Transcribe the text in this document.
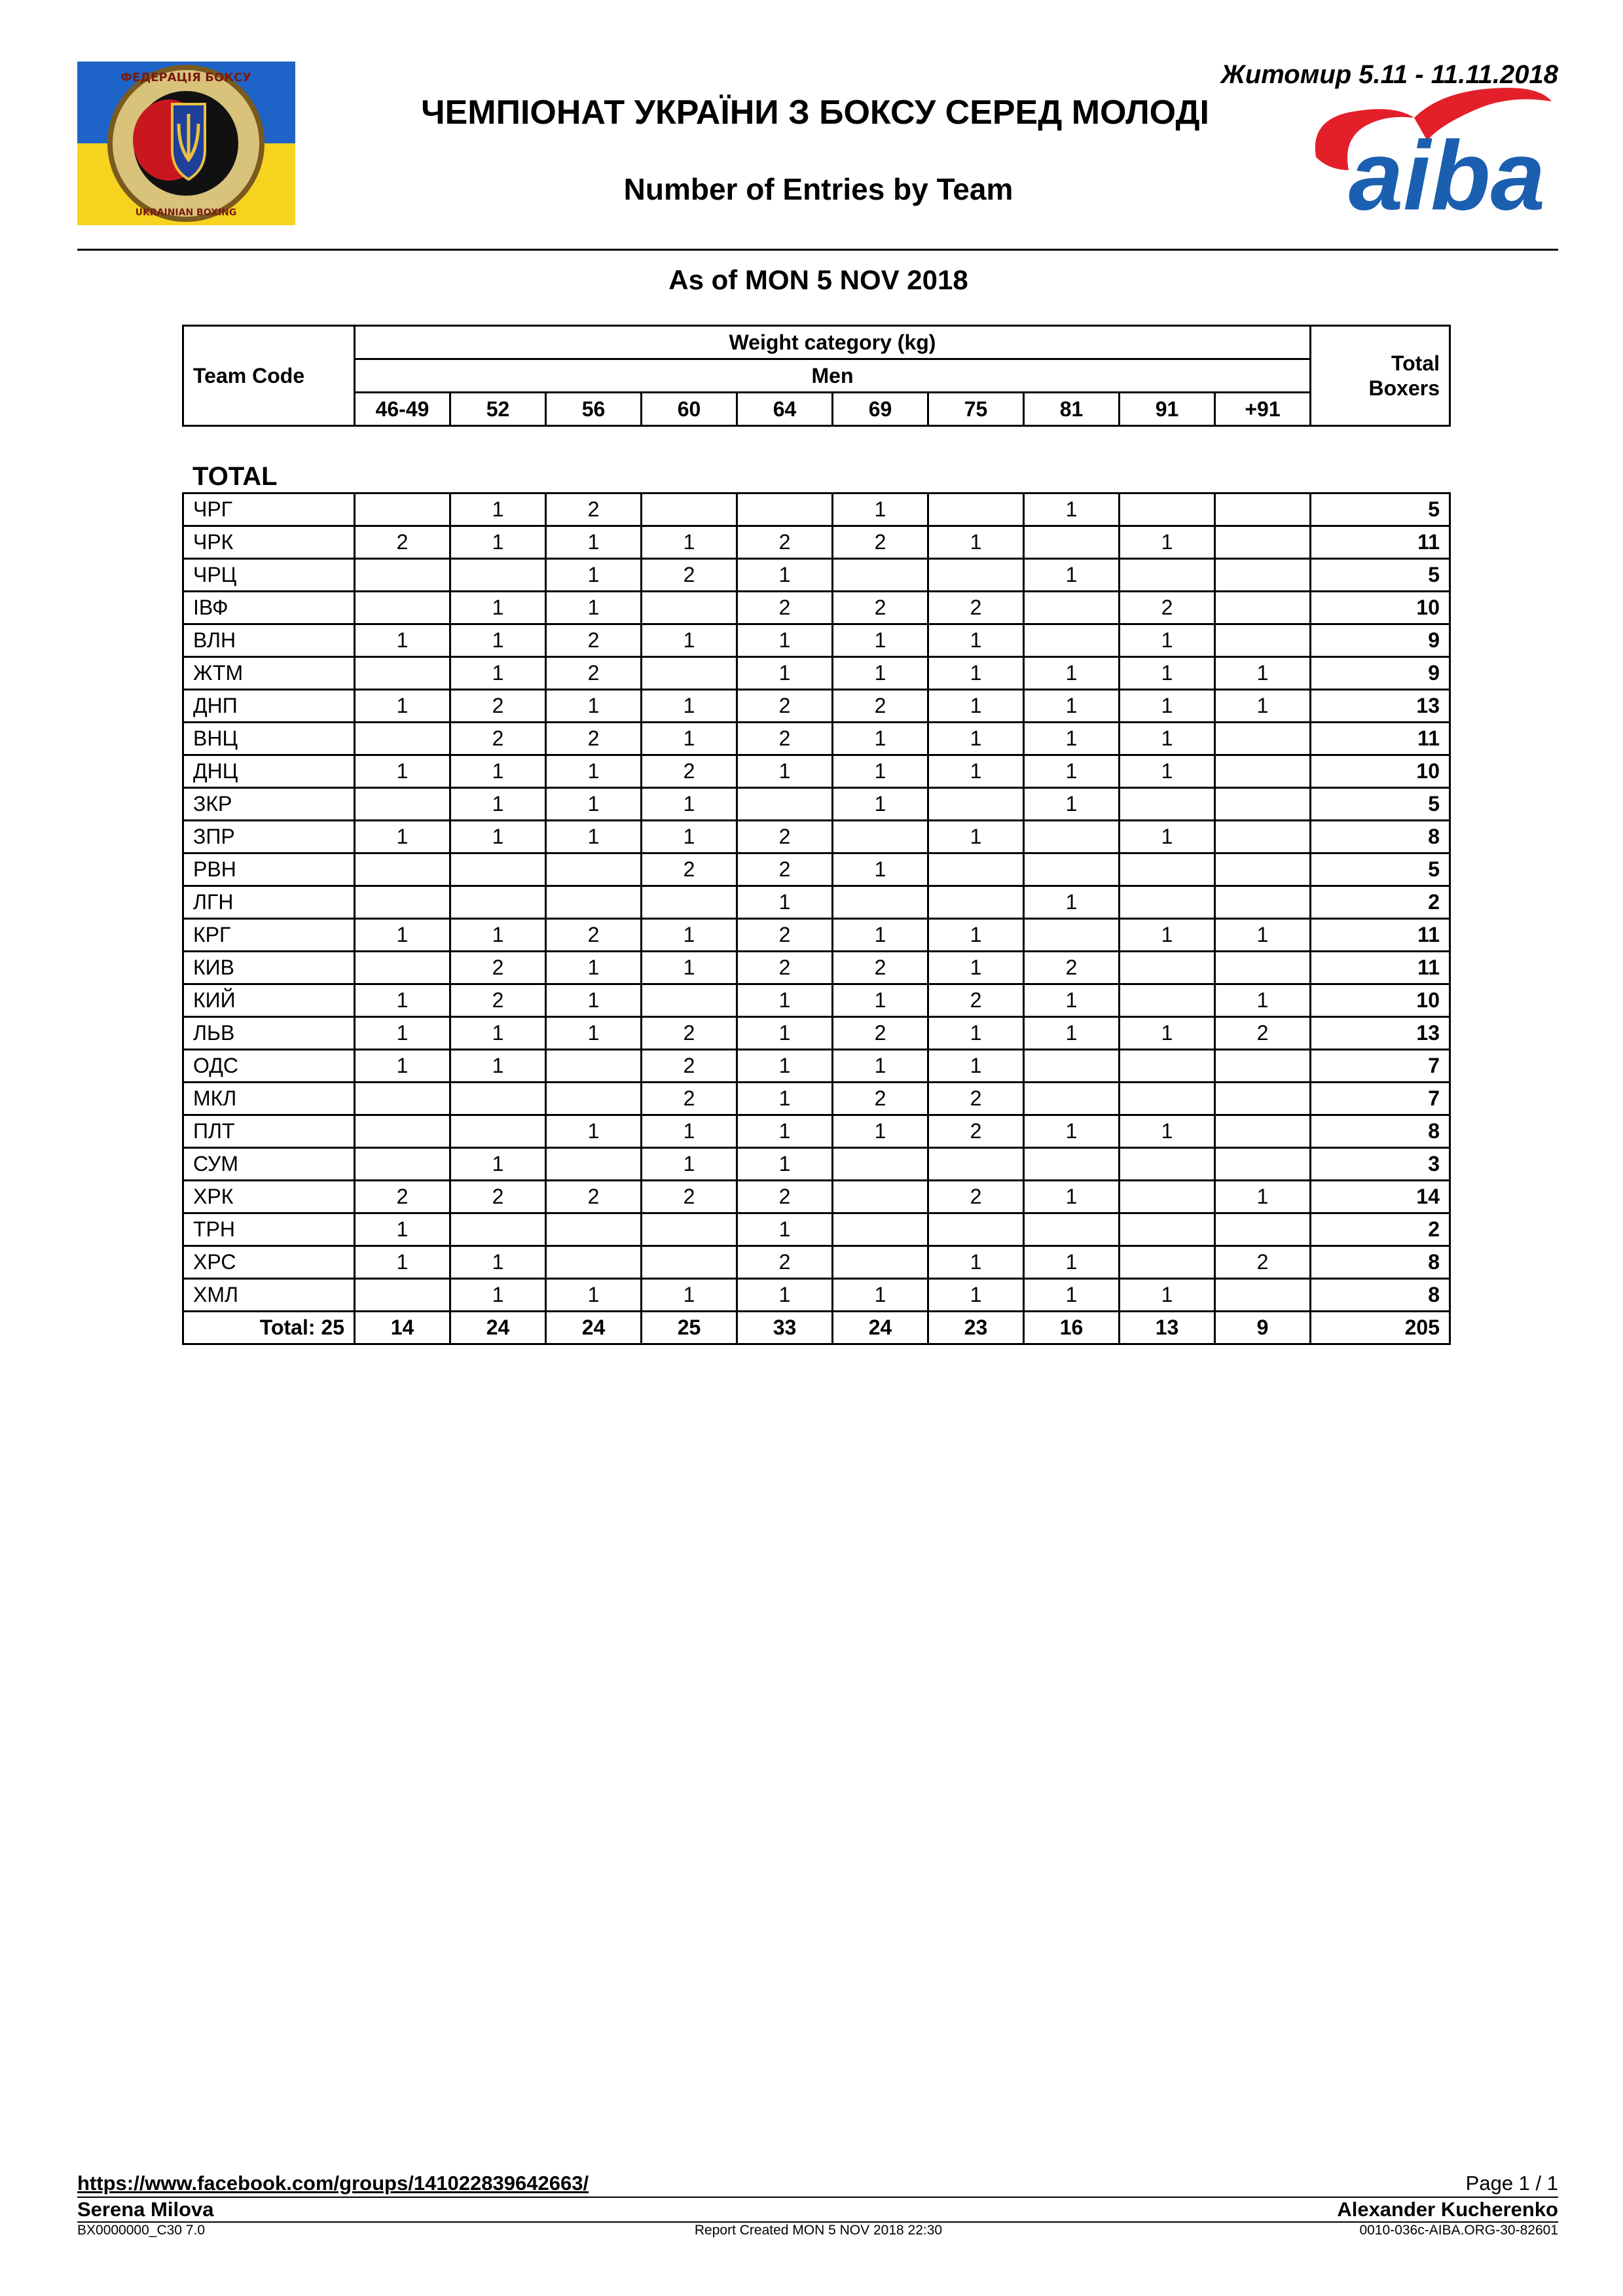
ФЕДЕРАЦІЯ БОКСУ
UKRAINIAN BOXING
Житомир 5.11 - 11.11.2018
ЧЕМПІОНАТ УКРАЇНИ З БОКСУ СЕРЕД МОЛОДІ
Number of Entries by Team	aiba
As of MON 5 NOV 2018
Team Code	Weight category (kg)										Total
Boxers
	Men										
	46-49	52	56	60	64	69	75	81	91	+91	
TOTAL
ЧРГ		1	2			1		1			5
ЧРК	2	1	1	1	2	2	1		1		11
ЧРЦ			1	2	1			1			5
ІВФ		1	1		2	2	2		2		10
ВЛН	1	1	2	1	1	1	1		1		9
ЖТМ		1	2		1	1	1	1	1	1	9
ДНП	1	2	1	1	2	2	1	1	1	1	13
ВНЦ		2	2	1	2	1	1	1	1		11
ДНЦ	1	1	1	2	1	1	1	1	1		10
ЗКР		1	1	1		1		1			5
ЗПР	1	1	1	1	2		1		1		8
РВН				2	2	1					5
ЛГН					1			1			2
КРГ	1	1	2	1	2	1	1		1	1	11
КИВ		2	1	1	2	2	1	2			11
КИЙ	1	2	1		1	1	2	1		1	10
ЛЬВ	1	1	1	2	1	2	1	1	1	2	13
ОДС	1	1		2	1	1	1				7
МКЛ				2	1	2	2				7
ПЛТ			1	1	1	1	2	1	1		8
СУМ		1		1	1						3
ХРК	2	2	2	2	2		2	1		1	14
ТРН	1				1						2
ХРС	1	1			2		1	1		2	8
ХМЛ		1	1	1	1	1	1	1	1		8
Total: 25	14	24	24	25	33	24	23	16	13	9	205
https://www.facebook.com/groups/141022839642663/	Page 1 / 1
Serena Milova	Alexander Kucherenko
BX0000000_C30 7.0	Report Created MON 5 NOV 2018 22:30	0010-036c-AIBA.ORG-30-82601
